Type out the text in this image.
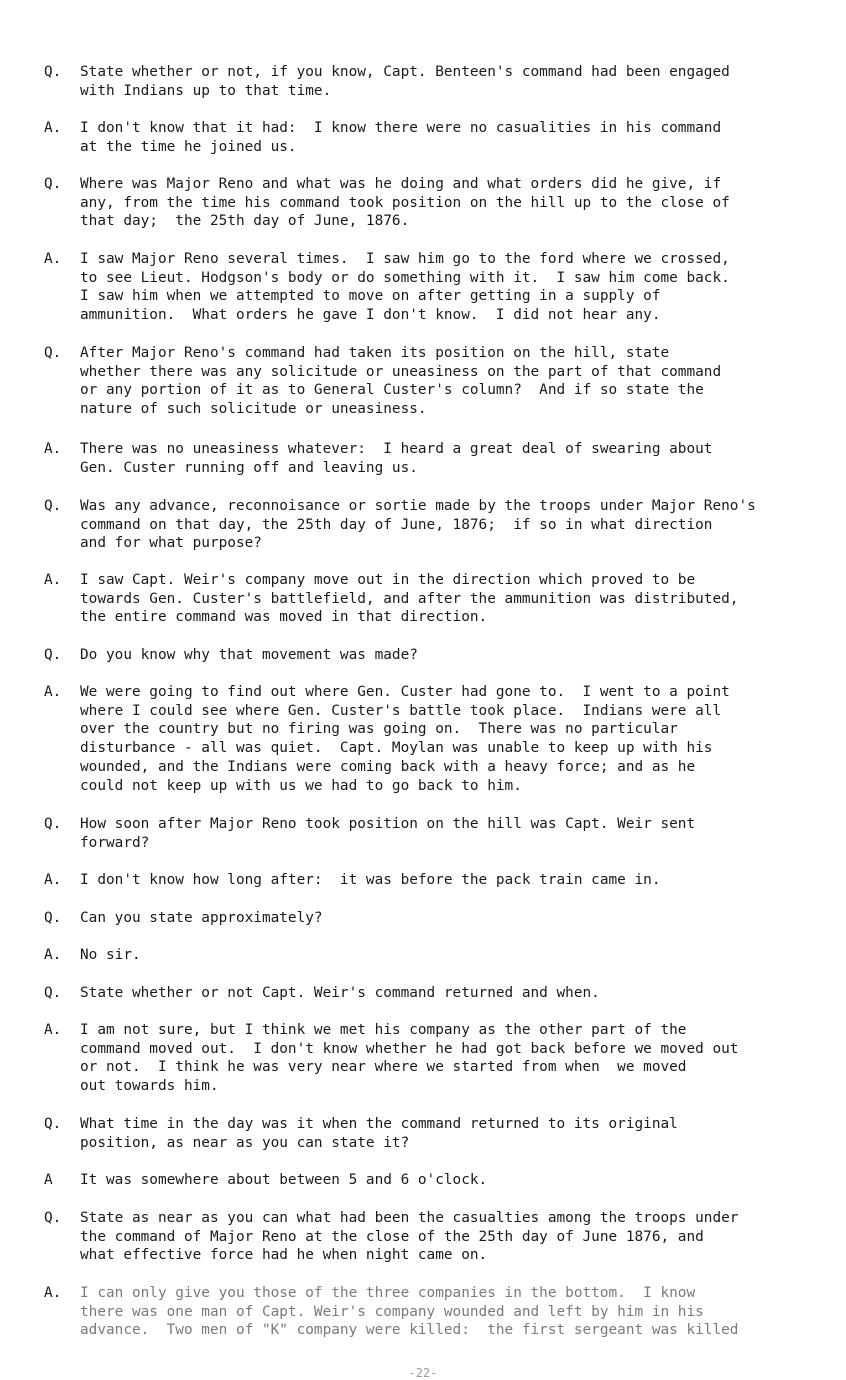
Q.	State whether or not, if you know, Capt. Benteen's command had been engaged
with Indians up to that time.
A.	I don't know that it had:  I know there were no casualities in his command
at the time he joined us.
Q.	Where was Major Reno and what was he doing and what orders did he give, if
any, from the time his command took position on the hill up to the close of
that day;  the 25th day of June, 1876.
A.	I saw Major Reno several times.  I saw him go to the ford where we crossed,
to see Lieut. Hodgson's body or do something with it.  I saw him come back.
I saw him when we attempted to move on after getting in a supply of
ammunition.  What orders he gave I don't know.  I did not hear any.
Q.	After Major Reno's command had taken its position on the hill, state
whether there was any solicitude or uneasiness on the part of that command
or any portion of it as to General Custer's column?  And if so state the
nature of such solicitude or uneasiness.
A.	There was no uneasiness whatever:  I heard a great deal of swearing about
Gen. Custer running off and leaving us.
Q.	Was any advance, reconnoisance or sortie made by the troops under Major Reno's
command on that day, the 25th day of June, 1876;  if so in what direction
and for what purpose?
A.	I saw Capt. Weir's company move out in the direction which proved to be
towards Gen. Custer's battlefield, and after the ammunition was distributed,
the entire command was moved in that direction.
Q.	Do you know why that movement was made?
A.	We were going to find out where Gen. Custer had gone to.  I went to a point
where I could see where Gen. Custer's battle took place.  Indians were all
over the country but no firing was going on.  There was no particular
disturbance - all was quiet.  Capt. Moylan was unable to keep up with his
wounded, and the Indians were coming back with a heavy force; and as he
could not keep up with us we had to go back to him.
Q.	How soon after Major Reno took position on the hill was Capt. Weir sent
forward?
A.	I don't know how long after:  it was before the pack train came in.
Q.	Can you state approximately?
A.	No sir.
Q.	State whether or not Capt. Weir's command returned and when.
A.	I am not sure, but I think we met his company as the other part of the
command moved out.  I don't know whether he had got back before we moved out
or not.  I think he was very near where we started from when  we moved
out towards him.
Q.	What time in the day was it when the command returned to its original
position, as near as you can state it?
A	It was somewhere about between 5 and 6 o'clock.
Q.	State as near as you can what had been the casualties among the troops under
the command of Major Reno at the close of the 25th day of June 1876, and
what effective force had he when night came on.
A.	I can only give you those of the three companies in the bottom.  I know
there was one man of Capt. Weir's company wounded and left by him in his
advance.  Two men of "K" company were killed:  the first sergeant was killed
-22-
